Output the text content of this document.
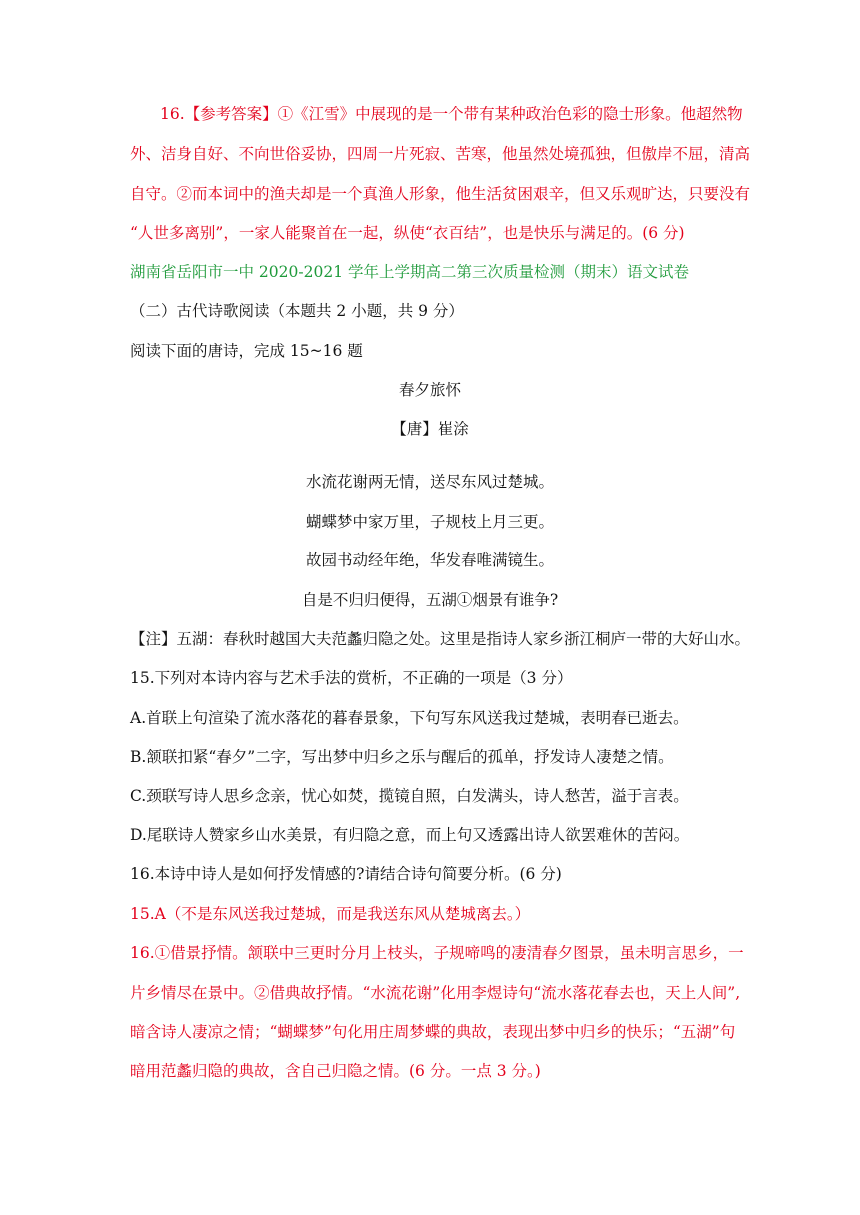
16.【参考答案】①《江雪》中展现的是一个带有某种政治色彩的隐士形象。他超然物
外、洁身自好、不向世俗妥协，四周一片死寂、苦寒，他虽然处境孤独，但傲岸不屈，清高
自守。②而本词中的渔夫却是一个真渔人形象，他生活贫困艰辛，但又乐观旷达，只要没有
“人世多离别”，一家人能聚首在一起，纵使“衣百结”，也是快乐与满足的。(6 分)
湖南省岳阳市一中 2020-2021 学年上学期高二第三次质量检测（期末）语文试卷
（二）古代诗歌阅读（本题共 2 小题，共 9 分）
阅读下面的唐诗，完成 15~16 题
春夕旅怀
【唐】崔涂
水流花谢两无情，送尽东风过楚城。
蝴蝶梦中家万里，子规枝上月三更。
故园书动经年绝，华发春唯满镜生。
自是不归归便得，五湖①烟景有谁争?
【注】五湖：春秋时越国大夫范蠡归隐之处。这里是指诗人家乡浙江桐庐一带的大好山水。
15.下列对本诗内容与艺术手法的赏析，不正确的一项是（3 分）
A.首联上句渲染了流水落花的暮春景象，下句写东风送我过楚城，表明春已逝去。
B.颔联扣紧“春夕”二字，写出梦中归乡之乐与醒后的孤单，抒发诗人凄楚之情。
C.颈联写诗人思乡念亲，忧心如焚，揽镜自照，白发满头，诗人愁苦，溢于言表。
D.尾联诗人赞家乡山水美景，有归隐之意，而上句又透露出诗人欲罢难休的苦闷。
16.本诗中诗人是如何抒发情感的?请结合诗句简要分析。(6 分)
15.A（不是东风送我过楚城，而是我送东风从楚城离去。）
16.①借景抒情。颔联中三更时分月上枝头，子规啼鸣的凄清春夕图景，虽未明言思乡，一
片乡情尽在景中。②借典故抒情。“水流花谢”化用李煜诗句“流水落花春去也，天上人间”,
暗含诗人凄凉之情；“蝴蝶梦”句化用庄周梦蝶的典故，表现出梦中归乡的快乐；“五湖”句
暗用范蠡归隐的典故，含自己归隐之情。(6 分。一点 3 分。)
